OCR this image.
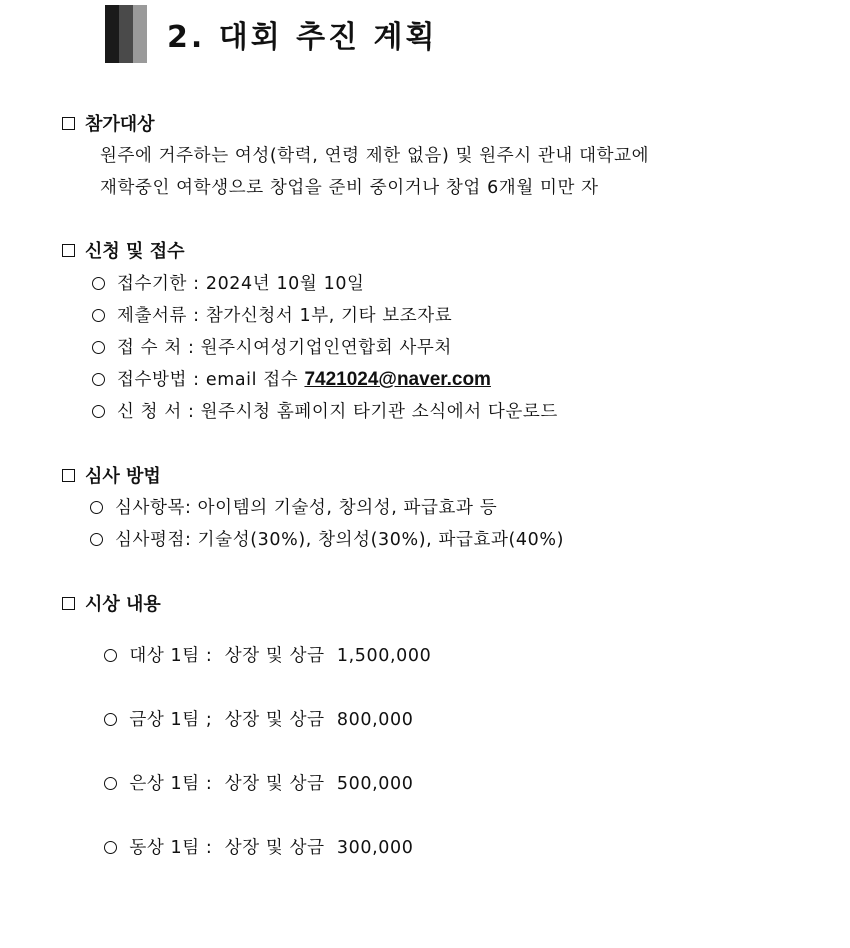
2. 대회 추진 계획
참가대상
원주에 거주하는 여성(학력, 연령 제한 없음) 및 원주시 관내 대학교에
재학중인 여학생으로 창업을 준비 중이거나 창업 6개월 미만 자
신청 및 접수
접수기한 : 2024년 10월 10일
제출서류 : 참가신청서 1부, 기타 보조자료
접 수 처 : 원주시여성기업인연합회 사무처
접수방법 : email 접수 7421024@naver.com
신 청 서 : 원주시청 홈페이지 타기관 소식에서 다운로드
심사 방법
심사항목: 아이템의 기술성, 창의성, 파급효과 등
심사평점: 기술성(30%), 창의성(30%), 파급효과(40%)
시상 내용

대상 1팀 :  상장 및 상금  1,500,000

금상 1팀 ;  상장 및 상금  800,000

은상 1팀 :  상장 및 상금  500,000

동상 1팀 :  상장 및 상금  300,000
